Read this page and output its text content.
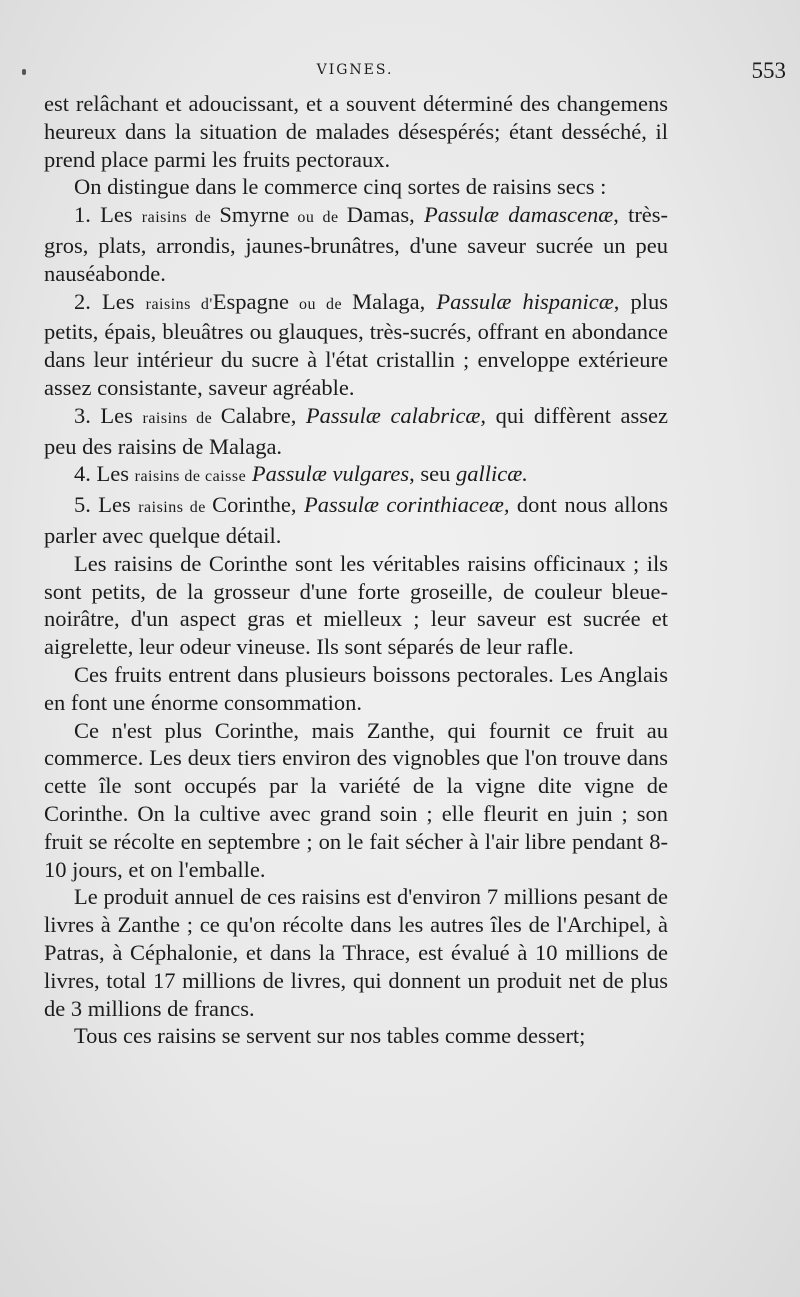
VIGNES.	553

est relâchant et adoucissant, et a souvent déterminé des changemens heureux dans la situation de malades désespérés; étant desséché, il prend place parmi les fruits pectoraux.

On distingue dans le commerce cinq sortes de raisins secs :

1. Les raisins de Smyrne ou de Damas, Passulæ damascenæ, très-gros, plats, arrondis, jaunes-brunâtres, d'une saveur sucrée un peu nauséabonde.

2. Les raisins d'Espagne ou de Malaga, Passulæ hispanicæ, plus petits, épais, bleuâtres ou glauques, très-sucrés, offrant en abondance dans leur intérieur du sucre à l'état cristallin ; enveloppe extérieure assez consistante, saveur agréable.

3. Les raisins de Calabre, Passulæ calabricæ, qui diffèrent assez peu des raisins de Malaga.

4. Les raisins de caisse Passulæ vulgares, seu gallicæ.

5. Les raisins de Corinthe, Passulæ corinthiaceæ, dont nous allons parler avec quelque détail.

Les raisins de Corinthe sont les véritables raisins officinaux ; ils sont petits, de la grosseur d'une forte groseille, de couleur bleue-noirâtre, d'un aspect gras et mielleux ; leur saveur est sucrée et aigrelette, leur odeur vineuse. Ils sont séparés de leur rafle.

Ces fruits entrent dans plusieurs boissons pectorales. Les Anglais en font une énorme consommation.

Ce n'est plus Corinthe, mais Zanthe, qui fournit ce fruit au commerce. Les deux tiers environ des vignobles que l'on trouve dans cette île sont occupés par la variété de la vigne dite vigne de Corinthe. On la cultive avec grand soin ; elle fleurit en juin ; son fruit se récolte en septembre ; on le fait sécher à l'air libre pendant 8-10 jours, et on l'emballe.

Le produit annuel de ces raisins est d'environ 7 millions pesant de livres à Zanthe ; ce qu'on récolte dans les autres îles de l'Archipel, à Patras, à Céphalonie, et dans la Thrace, est évalué à 10 millions de livres, total 17 millions de livres, qui donnent un produit net de plus de 3 millions de francs.

Tous ces raisins se servent sur nos tables comme dessert;
